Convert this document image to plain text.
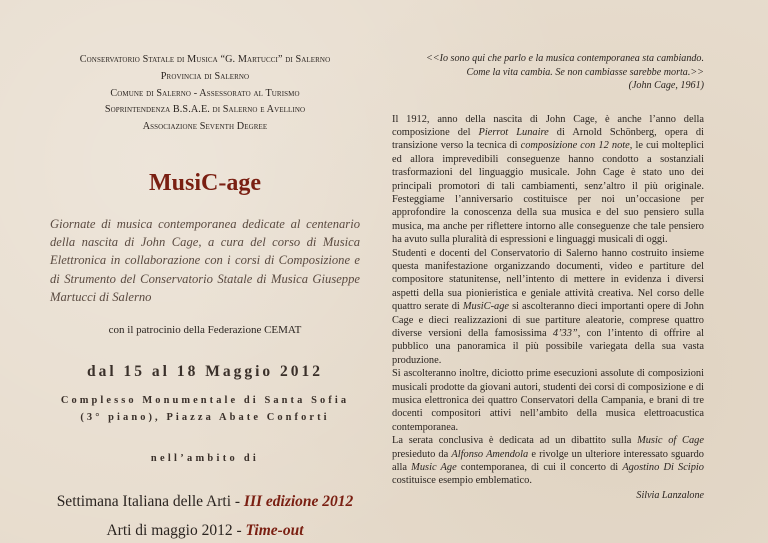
Conservatorio Statale di Musica “G. Martucci” di Salerno
Provincia di Salerno
Comune di Salerno - Assessorato al Turismo
Soprintendenza B.S.A.E. di Salerno e Avellino
Associazione Seventh Degree
MusiC-age
Giornate di musica contemporanea dedicate al centenario della nascita di John Cage, a cura del corso di Musica Elettronica in collaborazione con i corsi di Composizione e di Strumento del Conservatorio Statale di Musica Giuseppe Martucci di Salerno
con il patrocinio della Federazione CEMAT
dal 15 al 18 Maggio 2012
Complesso Monumentale di Santa Sofia
(3° piano), Piazza Abate Conforti
nell’ambito di
Settimana Italiana delle Arti - III edizione 2012
Arti di maggio 2012 - Time-out
<<Io sono qui che parlo e la musica contemporanea sta cambiando.
Come la vita cambia. Se non cambiasse sarebbe morta.>>
(John Cage, 1961)

Il 1912, anno della nascita di John Cage, è anche l’anno della composizione del Pierrot Lunaire di Arnold Schönberg, opera di transizione verso la tecnica di composizione con 12 note, le cui molteplici ed allora imprevedibili conseguenze hanno condotto a sostanziali trasformazioni del linguaggio musicale. John Cage è stato uno dei principali promotori di tali cambiamenti, senz’altro il più originale. Festeggiame l’anniversario costituisce per noi un’occasione per approfondire la conoscenza della sua musica e del suo pensiero sulla musica, ma anche per riflettere intorno alle conseguenze che tale pensiero ha avuto sulla pluralità di espressioni e linguaggi musicali di oggi.

Studenti e docenti del Conservatorio di Salerno hanno costruito insieme questa manifestazione organizzando documenti, video e partiture del compositore statunitense, nell’intento di mettere in evidenza i diversi aspetti della sua pionieristica e geniale attività creativa. Nel corso delle quattro serate di MusiC-age si ascolteranno dieci importanti opere di John Cage e dieci realizzazioni di sue partiture aleatorie, comprese quattro diverse versioni della famosissima 4’33”, con l’intento di offrire al pubblico una panoramica il più possibile variegata della sua vasta produzione.

Si ascolteranno inoltre, diciotto prime esecuzioni assolute di composizioni musicali prodotte da giovani autori, studenti dei corsi di composizione e di musica elettronica dei quattro Conservatori della Campania, e brani di tre docenti compositori attivi nell’ambito della musica elettroacustica contemporanea.

La serata conclusiva è dedicata ad un dibattito sulla Music of Cage presieduto da Alfonso Amendola e rivolge un ulteriore interessato sguardo alla Music Age contemporanea, di cui il concerto di Agostino Di Scipio costituisce esempio emblematico.

Silvia Lanzalone
